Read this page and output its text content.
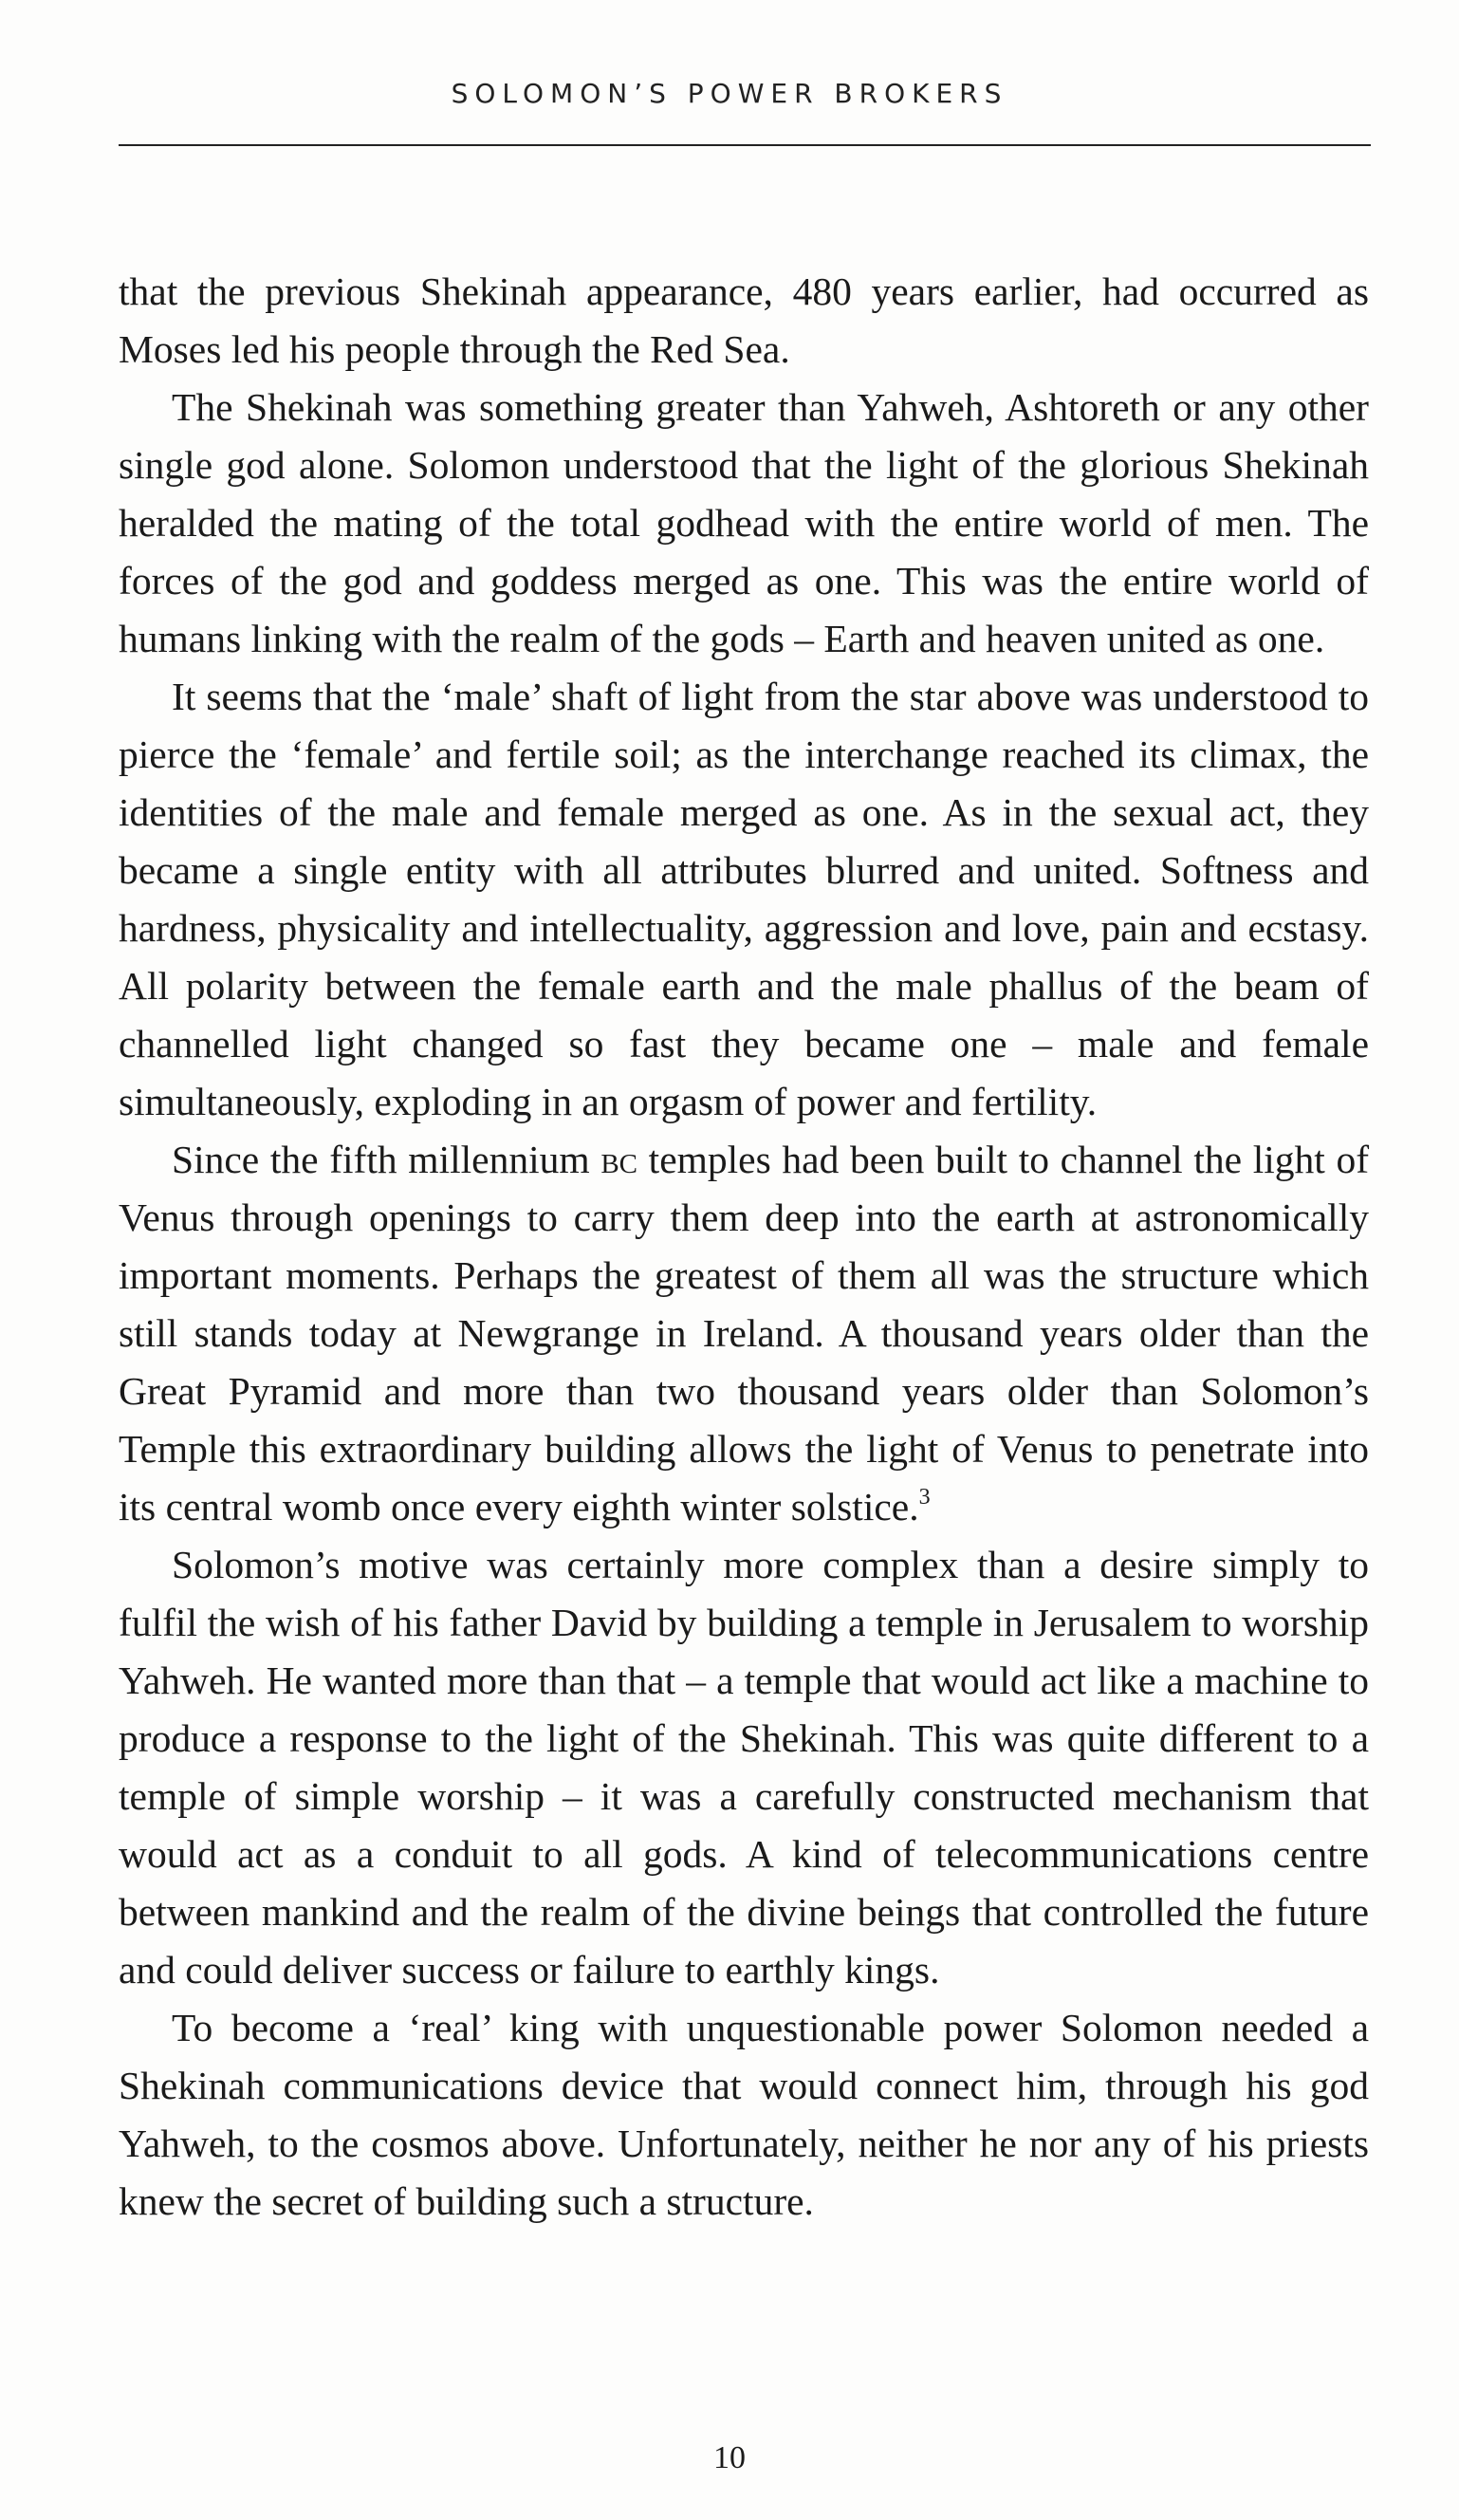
SOLOMON’S POWER BROKERS

that the previous Shekinah appearance, 480 years earlier, had occurred as Moses led his people through the Red Sea.

The Shekinah was something greater than Yahweh, Ashtoreth or any other single god alone. Solomon understood that the light of the glorious Shekinah heralded the mating of the total godhead with the entire world of men. The forces of the god and goddess merged as one. This was the entire world of humans linking with the realm of the gods – Earth and heaven united as one.

It seems that the ‘male’ shaft of light from the star above was understood to pierce the ‘female’ and fertile soil; as the interchange reached its climax, the identities of the male and female merged as one. As in the sexual act, they became a single entity with all attributes blurred and united. Softness and hardness, physicality and intellectuality, aggression and love, pain and ecstasy. All polarity between the female earth and the male phallus of the beam of channelled light changed so fast they became one – male and female simultaneously, exploding in an orgasm of power and fertility.

Since the fifth millennium bc temples had been built to channel the light of Venus through openings to carry them deep into the earth at astronomically important moments. Perhaps the greatest of them all was the structure which still stands today at Newgrange in Ireland. A thousand years older than the Great Pyramid and more than two thousand years older than Solomon’s Temple this extraordinary building allows the light of Venus to penetrate into its central womb once every eighth winter solstice.$^3$

Solomon’s motive was certainly more complex than a desire simply to fulfil the wish of his father David by building a temple in Jerusalem to worship Yahweh. He wanted more than that – a temple that would act like a machine to produce a response to the light of the Shekinah. This was quite different to a temple of simple worship – it was a carefully constructed mechanism that would act as a conduit to all gods. A kind of telecommunications centre between mankind and the realm of the divine beings that controlled the future and could deliver success or failure to earthly kings.

To become a ‘real’ king with unquestionable power Solomon needed a Shekinah communications device that would connect him, through his god Yahweh, to the cosmos above. Unfortunately, neither he nor any of his priests knew the secret of building such a structure.

10
